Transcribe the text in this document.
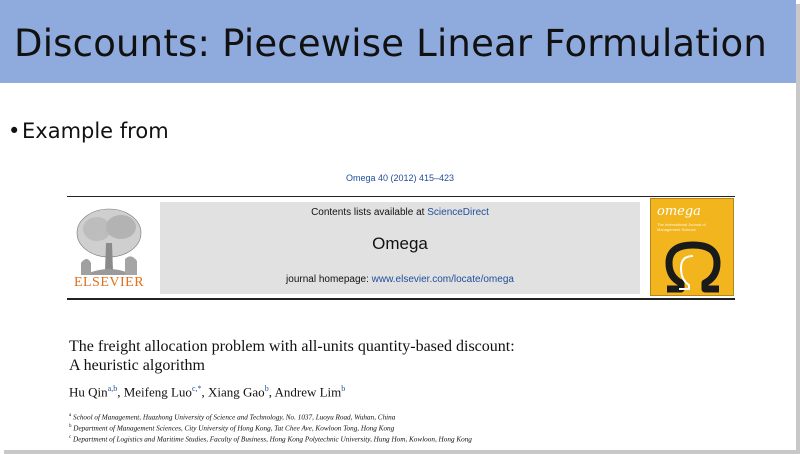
Discounts: Piecewise Linear Formulation
•Example from
Omega 40 (2012) 415–423
ELSEVIER
Contents lists available at ScienceDirect
Omega
journal homepage: www.elsevier.com/locate/omega
omega
The International Journal of Management Science
The freight allocation problem with all-units quantity-based discount:
A heuristic algorithm
Hu Qin$^{a,b}$, Meifeng Luo$^{c,*}$, Xiang Gao$^b$, Andrew Lim$^b$
$^a$ School of Management, Huazhong University of Science and Technology, No. 1037, Luoyu Road, Wuhan, China
$^b$ Department of Management Sciences, City University of Hong Kong, Tat Chee Ave, Kowloon Tong, Hong Kong
$^c$ Department of Logistics and Maritime Studies, Faculty of Business, Hong Kong Polytechnic University, Hung Hom, Kowloon, Hong Kong
